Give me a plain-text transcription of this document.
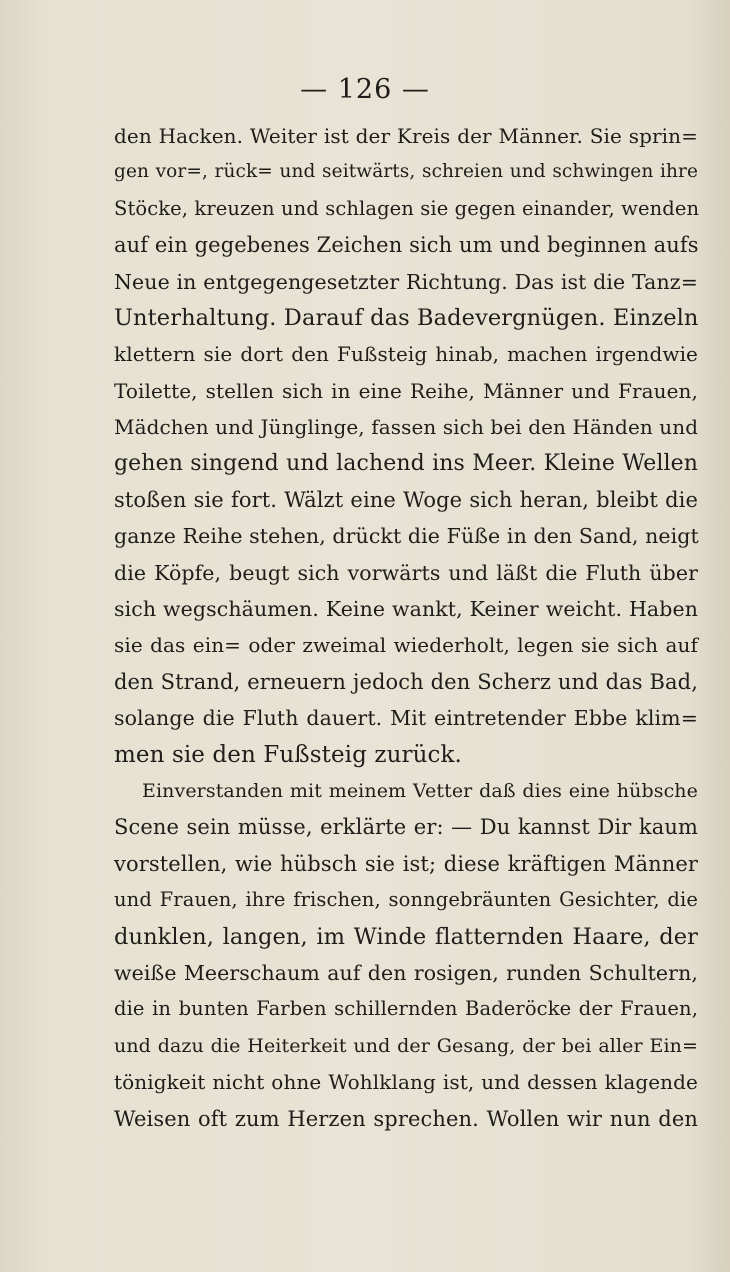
— 126 —
den Hacken. Weiter ist der Kreis der Männer. Sie sprin=
gen vor=, rück= und seitwärts, schreien und schwingen ihre
Stöcke, kreuzen und schlagen sie gegen einander, wenden
auf ein gegebenes Zeichen sich um und beginnen aufs
Neue in entgegengesetzter Richtung. Das ist die Tanz=
Unterhaltung. Darauf das Badevergnügen. Einzeln
klettern sie dort den Fußsteig hinab, machen irgendwie
Toilette, stellen sich in eine Reihe, Männer und Frauen,
Mädchen und Jünglinge, fassen sich bei den Händen und
gehen singend und lachend ins Meer. Kleine Wellen
stoßen sie fort. Wälzt eine Woge sich heran, bleibt die
ganze Reihe stehen, drückt die Füße in den Sand, neigt
die Köpfe, beugt sich vorwärts und läßt die Fluth über
sich wegschäumen. Keine wankt, Keiner weicht. Haben
sie das ein= oder zweimal wiederholt, legen sie sich auf
den Strand, erneuern jedoch den Scherz und das Bad,
solange die Fluth dauert. Mit eintretender Ebbe klim=
men sie den Fußsteig zurück.
Einverstanden mit meinem Vetter daß dies eine hübsche
Scene sein müsse, erklärte er: — Du kannst Dir kaum
vorstellen, wie hübsch sie ist; diese kräftigen Männer
und Frauen, ihre frischen, sonngebräunten Gesichter, die
dunklen, langen, im Winde flatternden Haare, der
weiße Meerschaum auf den rosigen, runden Schultern,
die in bunten Farben schillernden Baderöcke der Frauen,
und dazu die Heiterkeit und der Gesang, der bei aller Ein=
tönigkeit nicht ohne Wohlklang ist, und dessen klagende
Weisen oft zum Herzen sprechen. Wollen wir nun den
